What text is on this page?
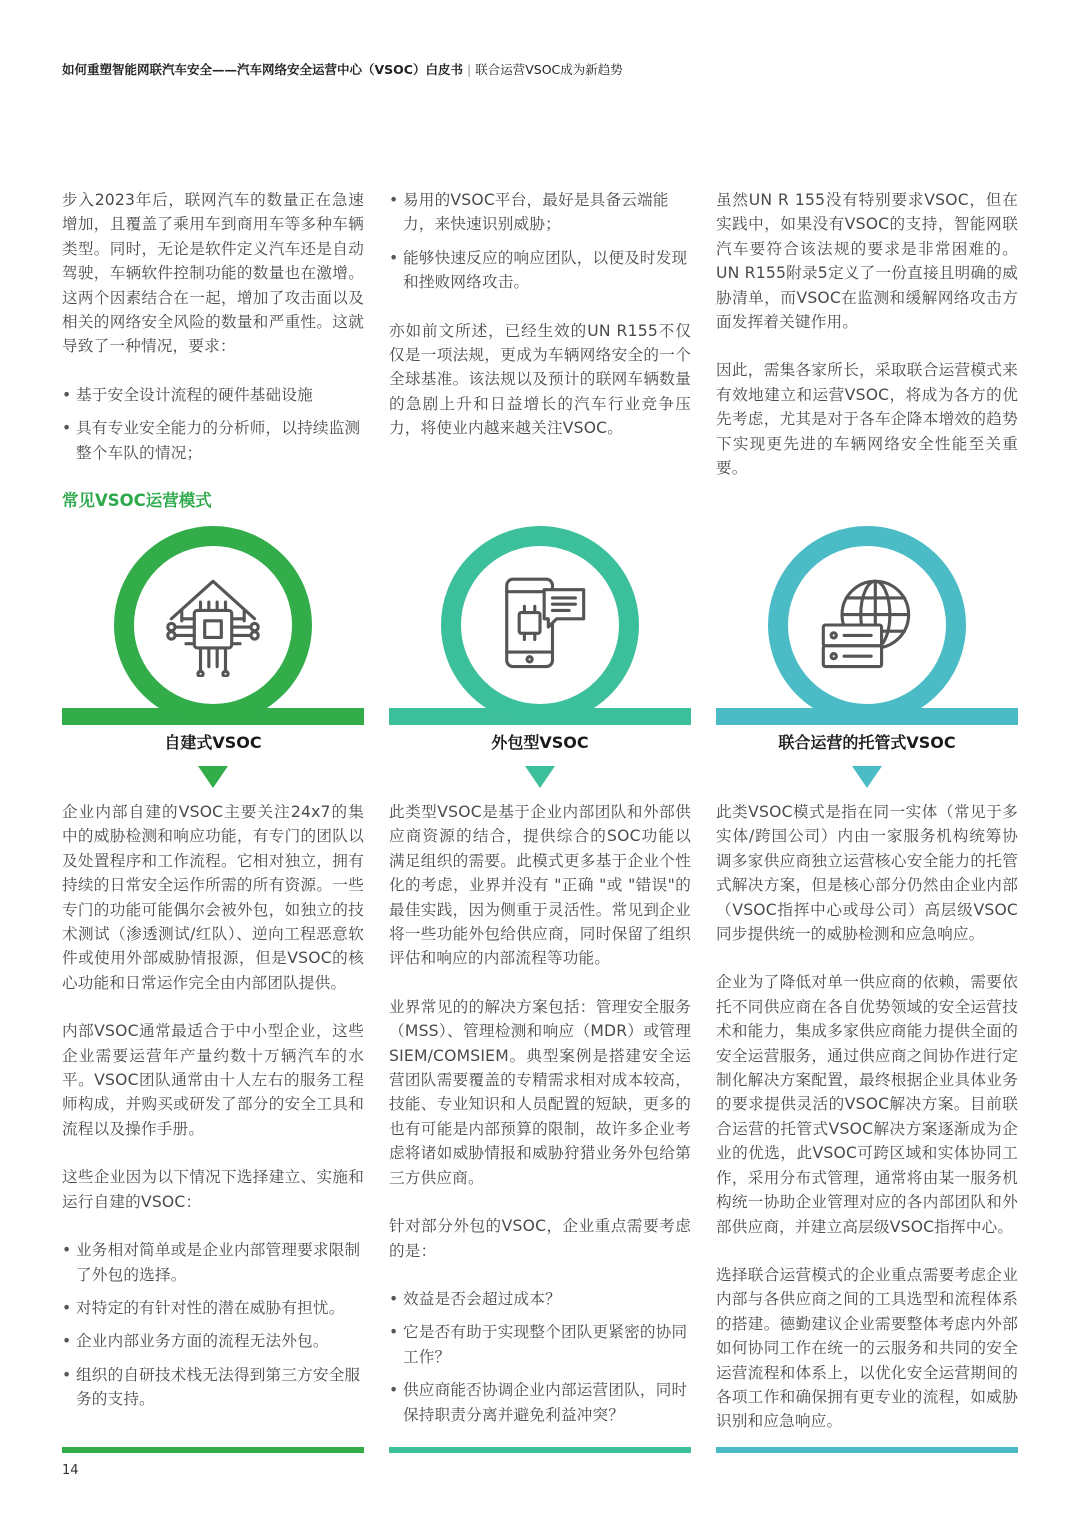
如何重塑智能网联汽车安全——汽车网络安全运营中心（VSOC）白皮书 | 联合运营VSOC成为新趋势

步入2023年后，联网汽车的数量正在急速增加，且覆盖了乘用车到商用车等多种车辆类型。同时，无论是软件定义汽车还是自动驾驶，车辆软件控制功能的数量也在激增。这两个因素结合在一起，增加了攻击面以及相关的网络安全风险的数量和严重性。这就导致了一种情况，要求：

• 基于安全设计流程的硬件基础设施
• 具有专业安全能力的分析师，以持续监测整个车队的情况；
• 易用的VSOC平台，最好是具备云端能力，来快速识别威胁；
• 能够快速反应的响应团队，以便及时发现和挫败网络攻击。

亦如前文所述，已经生效的UN R155不仅仅是一项法规，更成为车辆网络安全的一个全球基准。该法规以及预计的联网车辆数量的急剧上升和日益增长的汽车行业竞争压力，将使业内越来越关注VSOC。

虽然UN R 155没有特别要求VSOC，但在实践中，如果没有VSOC的支持，智能网联汽车要符合该法规的要求是非常困难的。UN R155附录5定义了一份直接且明确的威胁清单，而VSOC在监测和缓解网络攻击方面发挥着关键作用。

因此，需集各家所长，采取联合运营模式来有效地建立和运营VSOC，将成为各方的优先考虑，尤其是对于各车企降本增效的趋势下实现更先进的车辆网络安全性能至关重要。

常见VSOC运营模式
自建式VSOC	外包型VSOC	联合运营的托管式VSOC

企业内部自建的VSOC主要关注24x7的集中的威胁检测和响应功能，有专门的团队以及处置程序和工作流程。它相对独立，拥有持续的日常安全运作所需的所有资源。一些专门的功能可能偶尔会被外包，如独立的技术测试（渗透测试/红队）、逆向工程恶意软件或使用外部威胁情报源，但是VSOC的核心功能和日常运作完全由内部团队提供。

内部VSOC通常最适合于中小型企业，这些企业需要运营年产量约数十万辆汽车的水平。VSOC团队通常由十人左右的服务工程师构成，并购买或研发了部分的安全工具和流程以及操作手册。

这些企业因为以下情况下选择建立、实施和运行自建的VSOC：

• 业务相对简单或是企业内部管理要求限制了外包的选择。
• 对特定的有针对性的潜在威胁有担忧。
• 企业内部业务方面的流程无法外包。
• 组织的自研技术栈无法得到第三方安全服务的支持。

此类型VSOC是基于企业内部团队和外部供应商资源的结合，提供综合的SOC功能以满足组织的需要。此模式更多基于企业个性化的考虑，业界并没有 "正确 "或 "错误"的最佳实践，因为侧重于灵活性。常见到企业将一些功能外包给供应商，同时保留了组织评估和响应的内部流程等功能。

业界常见的的解决方案包括：管理安全服务（MSS）、管理检测和响应（MDR）或管理SIEM/COMSIEM。典型案例是搭建安全运营团队需要覆盖的专精需求相对成本较高，技能、专业知识和人员配置的短缺，更多的也有可能是内部预算的限制，故许多企业考虑将诸如威胁情报和威胁狩猎业务外包给第三方供应商。

针对部分外包的VSOC，企业重点需要考虑的是：

• 效益是否会超过成本？
• 它是否有助于实现整个团队更紧密的协同工作？
• 供应商能否协调企业内部运营团队，同时保持职责分离并避免利益冲突？

此类VSOC模式是指在同一实体（常见于多实体/跨国公司）内由一家服务机构统筹协调多家供应商独立运营核心安全能力的托管式解决方案，但是核心部分仍然由企业内部（VSOC指挥中心或母公司）高层级VSOC同步提供统一的威胁检测和应急响应。

企业为了降低对单一供应商的依赖，需要依托不同供应商在各自优势领域的安全运营技术和能力，集成多家供应商能力提供全面的安全运营服务，通过供应商之间协作进行定制化解决方案配置，最终根据企业具体业务的要求提供灵活的VSOC解决方案。目前联合运营的托管式VSOC解决方案逐渐成为企业的优选，此VSOC可跨区域和实体协同工作，采用分布式管理，通常将由某一服务机构统一协助企业管理对应的各内部团队和外部供应商，并建立高层级VSOC指挥中心。

选择联合运营模式的企业重点需要考虑企业内部与各供应商之间的工具选型和流程体系的搭建。德勤建议企业需要整体考虑内外部如何协同工作在统一的云服务和共同的安全运营流程和体系上，以优化安全运营期间的各项工作和确保拥有更专业的流程，如威胁识别和应急响应。

14
